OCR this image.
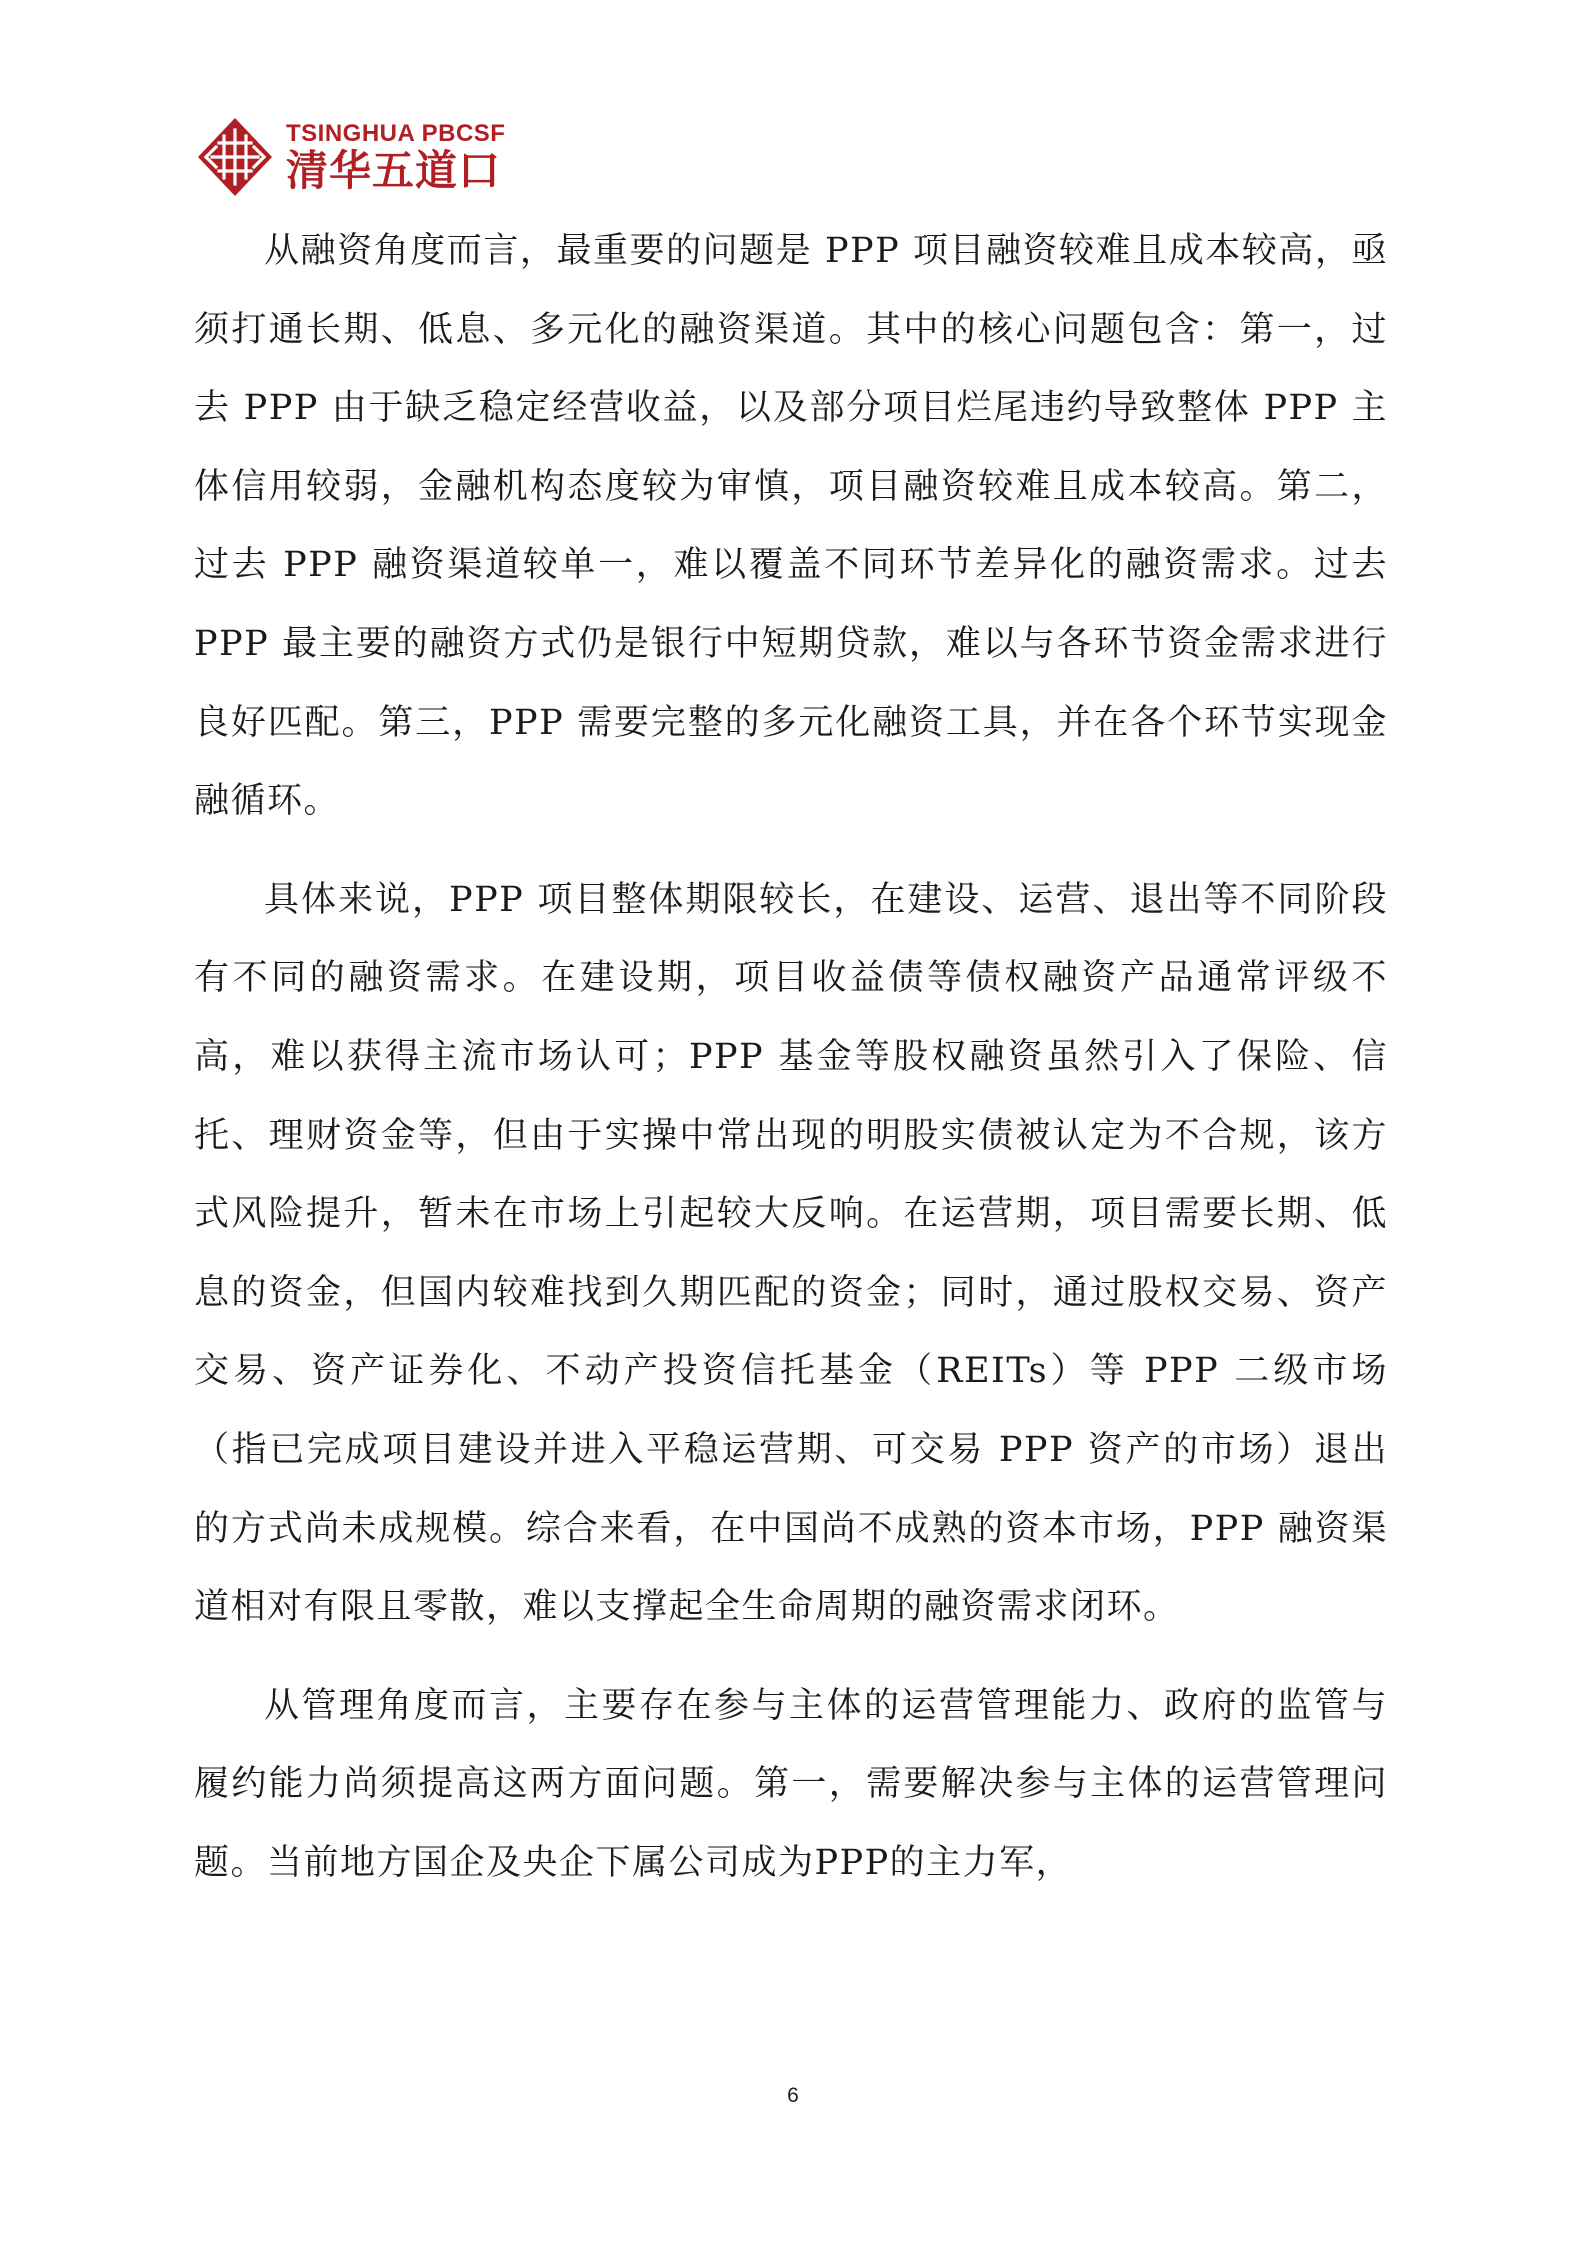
TSINGHUA PBCSF
清华五道口

从融资角度而言，最重要的问题是 PPP 项目融资较难且成本较高，亟须打通长期、低息、多元化的融资渠道。其中的核心问题包含：第一，过去 PPP 由于缺乏稳定经营收益，以及部分项目烂尾违约导致整体 PPP 主体信用较弱，金融机构态度较为审慎，项目融资较难且成本较高。第二，过去 PPP 融资渠道较单一，难以覆盖不同环节差异化的融资需求。过去 PPP 最主要的融资方式仍是银行中短期贷款，难以与各环节资金需求进行良好匹配。第三，PPP 需要完整的多元化融资工具，并在各个环节实现金融循环。

具体来说，PPP 项目整体期限较长，在建设、运营、退出等不同阶段有不同的融资需求。在建设期，项目收益债等债权融资产品通常评级不高，难以获得主流市场认可；PPP 基金等股权融资虽然引入了保险、信托、理财资金等，但由于实操中常出现的明股实债被认定为不合规，该方式风险提升，暂未在市场上引起较大反响。在运营期，项目需要长期、低息的资金，但国内较难找到久期匹配的资金；同时，通过股权交易、资产交易、资产证券化、不动产投资信托基金（REITs）等 PPP 二级市场（指已完成项目建设并进入平稳运营期、可交易 PPP 资产的市场）退出的方式尚未成规模。综合来看，在中国尚不成熟的资本市场，PPP 融资渠道相对有限且零散，难以支撑起全生命周期的融资需求闭环。

从管理角度而言，主要存在参与主体的运营管理能力、政府的监管与履约能力尚须提高这两方面问题。第一，需要解决参与主体的运营管理问题。当前地方国企及央企下属公司成为PPP的主力军，

6
